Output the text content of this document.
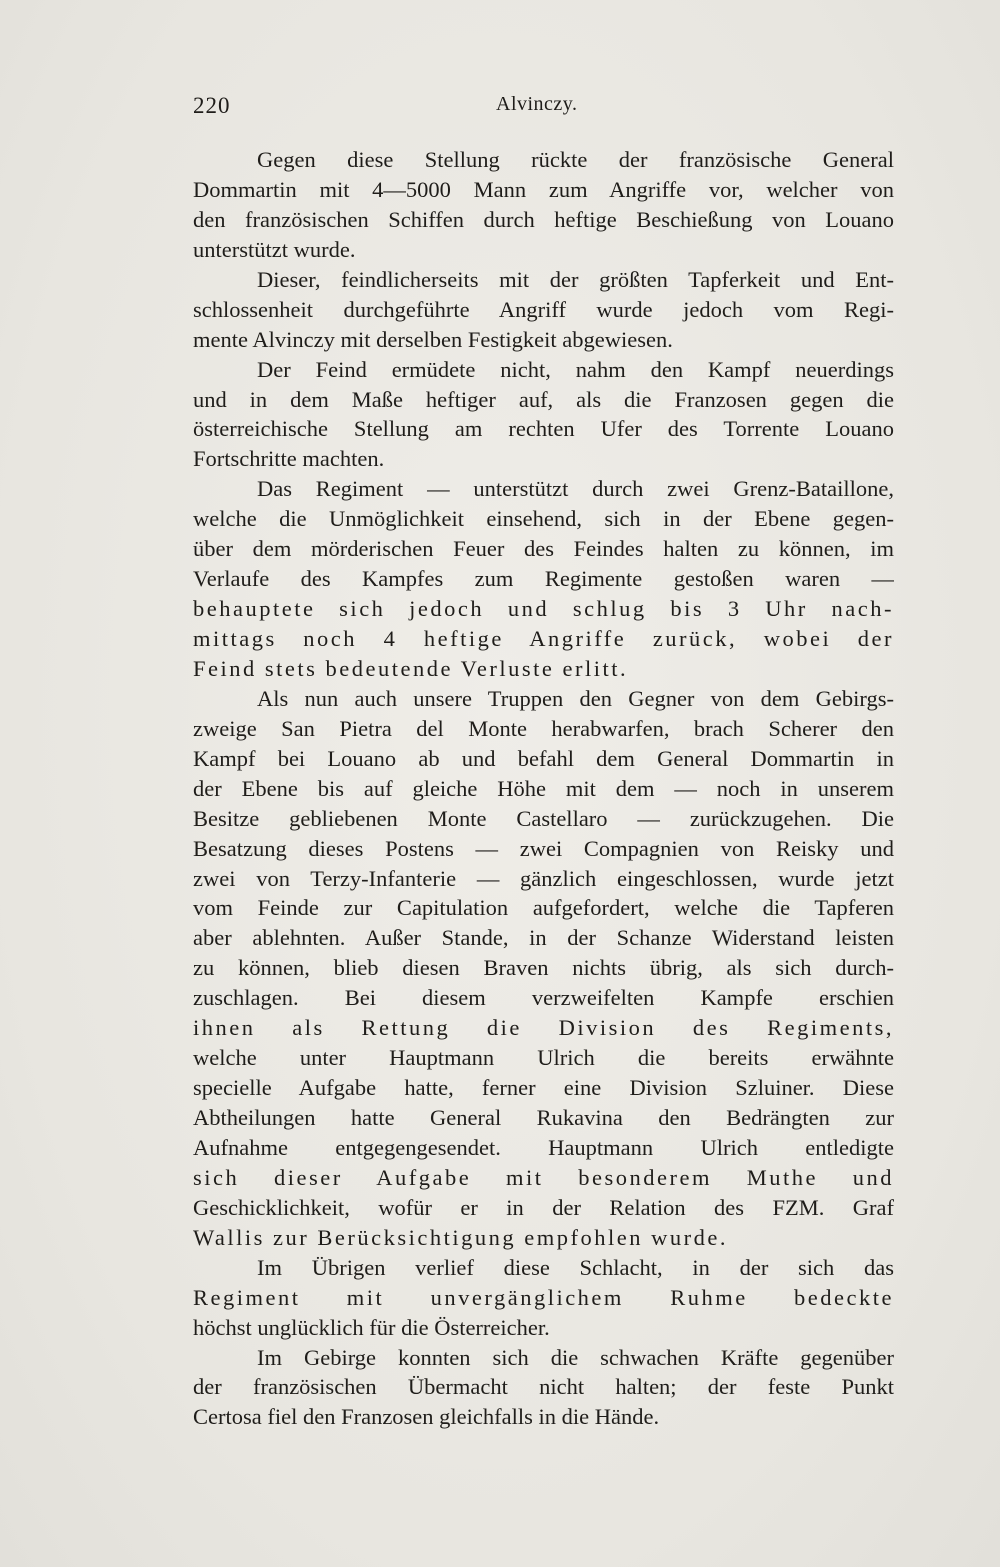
220	Alvinczy.
Gegen diese Stellung rückte der französische General
Dommartin mit 4—5000 Mann zum Angriffe vor, welcher von
den französischen Schiffen durch heftige Beschießung von Louano
unterstützt wurde.
Dieser, feindlicherseits mit der größten Tapferkeit und Ent-
schlossenheit durchgeführte Angriff wurde jedoch vom Regi-
mente Alvinczy mit derselben Festigkeit abgewiesen.
Der Feind ermüdete nicht, nahm den Kampf neuerdings
und in dem Maße heftiger auf, als die Franzosen gegen die
österreichische Stellung am rechten Ufer des Torrente Louano
Fortschritte machten.
Das Regiment — unterstützt durch zwei Grenz-Bataillone,
welche die Unmöglichkeit einsehend, sich in der Ebene gegen-
über dem mörderischen Feuer des Feindes halten zu können, im
Verlaufe des Kampfes zum Regimente gestoßen waren —
behauptete sich jedoch und schlug bis 3 Uhr nach-
mittags noch 4 heftige Angriffe zurück, wobei der
Feind stets bedeutende Verluste erlitt.
Als nun auch unsere Truppen den Gegner von dem Gebirgs-
zweige San Pietra del Monte herabwarfen, brach Scherer den
Kampf bei Louano ab und befahl dem General Dommartin in
der Ebene bis auf gleiche Höhe mit dem — noch in unserem
Besitze gebliebenen Monte Castellaro — zurückzugehen. Die
Besatzung dieses Postens — zwei Compagnien von Reisky und
zwei von Terzy-Infanterie — gänzlich eingeschlossen, wurde jetzt
vom Feinde zur Capitulation aufgefordert, welche die Tapferen
aber ablehnten. Außer Stande, in der Schanze Widerstand leisten
zu können, blieb diesen Braven nichts übrig, als sich durch-
zuschlagen. Bei diesem verzweifelten Kampfe erschien
ihnen als Rettung die Division des Regiments,
welche unter Hauptmann Ulrich die bereits erwähnte
specielle Aufgabe hatte, ferner eine Division Szluiner. Diese
Abtheilungen hatte General Rukavina den Bedrängten zur
Aufnahme entgegengesendet. Hauptmann Ulrich entledigte
sich dieser Aufgabe mit besonderem Muthe und
Geschicklichkeit, wofür er in der Relation des FZM. Graf
Wallis zur Berücksichtigung empfohlen wurde.
Im Übrigen verlief diese Schlacht, in der sich das
Regiment mit unvergänglichem Ruhme bedeckte
höchst unglücklich für die Österreicher.
Im Gebirge konnten sich die schwachen Kräfte gegenüber
der französischen Übermacht nicht halten; der feste Punkt
Certosa fiel den Franzosen gleichfalls in die Hände.
